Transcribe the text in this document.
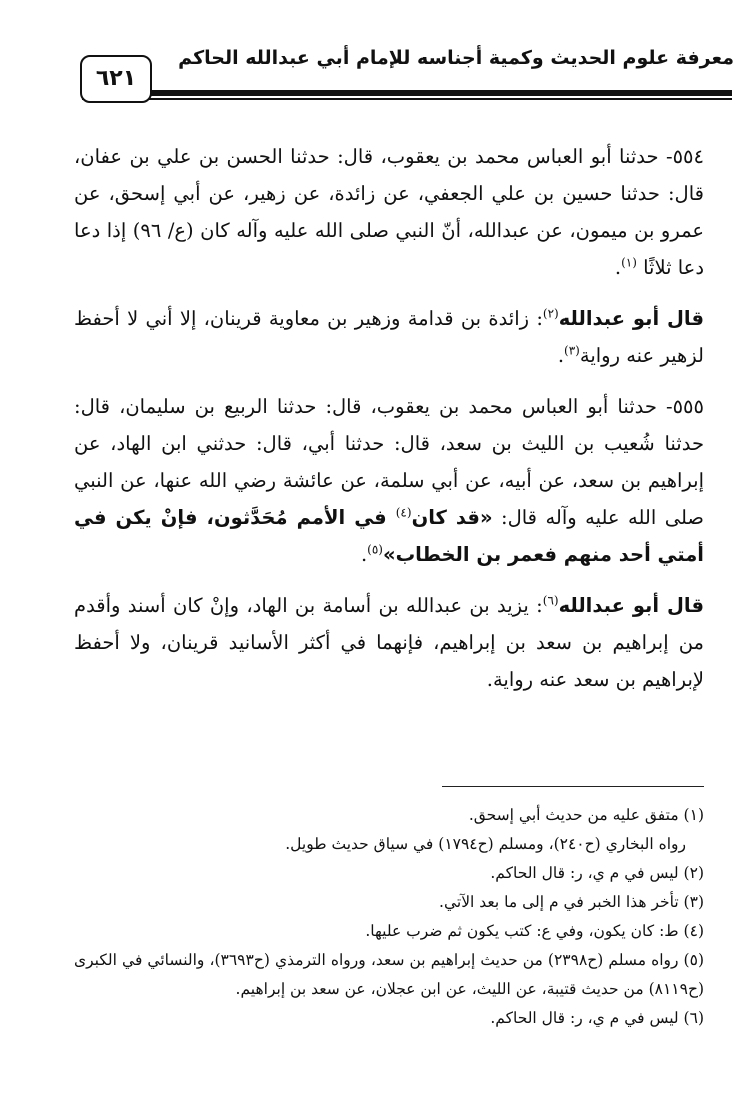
معرفة علوم الحديث وكمية أجناسه للإمام أبي عبدالله الحاكم
٦٢١

٥٥٤- حدثنا أبو العباس محمد بن يعقوب، قال: حدثنا الحسن بن علي بن عفان، قال: حدثنا حسين بن علي الجعفي، عن زائدة، عن زهير، عن أبي إسحق، عن عمرو بن ميمون، عن عبدالله، أنّ النبي صلى الله عليه وآله كان (ع/ ٩٦) إذا دعا دعا ثلاثًا $^{(١)}$.

قال أبو عبدالله$^{(٢)}$: زائدة بن قدامة وزهير بن معاوية قرينان، إلا أني لا أحفظ لزهير عنه رواية$^{(٣)}$.

٥٥٥- حدثنا أبو العباس محمد بن يعقوب، قال: حدثنا الربيع بن سليمان، قال: حدثنا شُعيب بن الليث بن سعد، قال: حدثنا أبي، قال: حدثني ابن الهاد، عن إبراهيم بن سعد، عن أبيه، عن أبي سلمة، عن عائشة رضي الله عنها، عن النبي صلى الله عليه وآله قال: «قد كان$^{(٤)}$ في الأمم مُحَدَّثون، فإنْ يكن في أمتي أحد منهم فعمر بن الخطاب»$^{(٥)}$.

قال أبو عبدالله$^{(٦)}$: يزيد بن عبدالله بن أسامة بن الهاد، وإنْ كان أسند وأقدم من إبراهيم بن سعد بن إبراهيم، فإنهما في أكثر الأسانيد قرينان، ولا أحفظ لإبراهيم بن سعد عنه رواية.

(١) متفق عليه من حديث أبي إسحق.

رواه البخاري (ح٢٤٠)، ومسلم (ح١٧٩٤) في سياق حديث طويل.

(٢) ليس في م ي، ر: قال الحاكم.

(٣) تأخر هذا الخبر في م إلى ما بعد الآتي.

(٤) ط: كان يكون، وفي ع: كتب يكون ثم ضرب عليها.

(٥) رواه مسلم (ح٢٣٩٨) من حديث إبراهيم بن سعد، ورواه الترمذي (ح٣٦٩٣)، والنسائي في الكبرى (ح٨١١٩) من حديث قتيبة، عن الليث، عن ابن عجلان، عن سعد بن إبراهيم.

(٦) ليس في م ي، ر: قال الحاكم.
